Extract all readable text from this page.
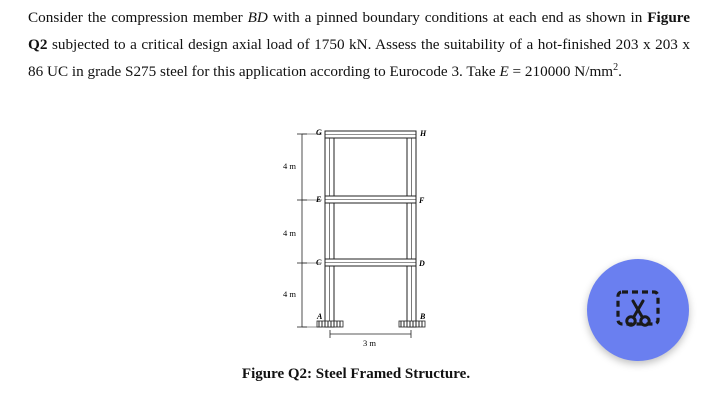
Consider the compression member BD with a pinned boundary conditions at each end as shown in Figure Q2 subjected to a critical design axial load of 1750 kN. Assess the suitability of a hot-finished 203 x 203 x 86 UC in grade S275 steel for this application according to Eurocode 3. Take E = 210000 $N/mm^2$.

4 m
4 m
4 m
G	H
E	F
C	D
A	B
3 m
Figure Q2: Steel Framed Structure.
